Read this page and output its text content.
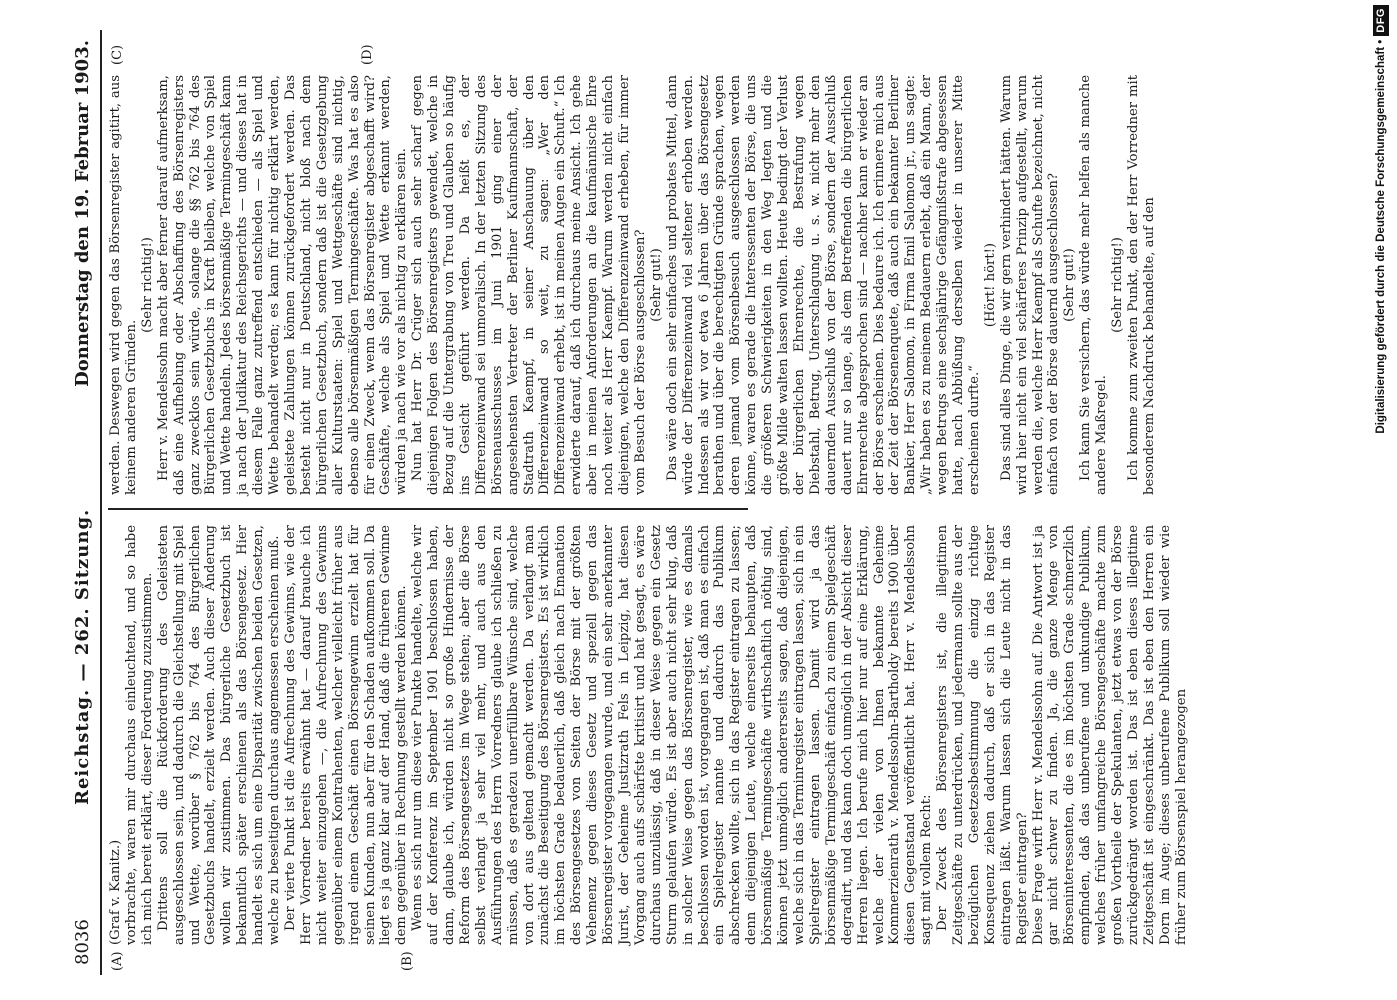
8036
Reichstag. — 262. Sitzung.
Donnerstag den 19. Februar 1903.
(A)	(B)
(C)	(D)

(Graf v. Kanitz.) vorbrachte, waren mir durchaus einleuchtend, und so habe ich mich bereit erklärt, dieser Forderung zuzustimmen. Drittens soll die Rückforderung des Geleisteten ausgeschlossen sein, und dadurch die Gleichstellung mit Spiel und Wette, worüber § 762 bis 764 des Bürgerlichen Gesetzbuchs handelt, erzielt werden. Auch dieser Änderung wollen wir zustimmen. Das bürgerliche Gesetzbuch ist bekanntlich später erschienen als das Börsengesetz. Hier handelt es sich um eine Disparität zwischen beiden Gesetzen, welche zu beseitigen durchaus angemessen erscheinen muß. Der vierte Punkt ist die Aufrechnung des Gewinns, wie der Herr Vorredner bereits erwähnt hat — darauf brauche ich nicht weiter einzugehen —, die Aufrechnung des Gewinns gegenüber einem Kontrahenten, welcher vielleicht früher aus irgend einem Geschäft einen Börsengewinn erzielt hat für seinen Kunden, nun aber für den Schaden aufkommen soll. Da liegt es ja ganz klar auf der Hand, daß die früheren Gewinne dem gegenüber in Rechnung gestellt werden können. Wenn es sich nur um diese vier Punkte handelte, welche wir auf der Konferenz im September 1901 beschlossen haben, dann, glaube ich, würden nicht so große Hindernisse der Reform des Börsengesetzes im Wege stehen; aber die Börse selbst verlangt ja sehr viel mehr, und auch aus den Ausführungen des Herrn Vorredners glaube ich schließen zu müssen, daß es geradezu unerfüllbare Wünsche sind, welche von dort aus geltend gemacht werden. Da verlangt man zunächst die Beseitigung des Börsenregisters. Es ist wirklich im höchsten Grade bedauerlich, daß gleich nach Emanation des Börsengesetzes von Seiten der Börse mit der größten Vehemenz gegen dieses Gesetz und speziell gegen das Börsenregister vorgegangen wurde, und ein sehr anerkannter Jurist, der Geheime Justizrath Fels in Leipzig, hat diesen Vorgang auch aufs schärfste kritisirt und hat gesagt, es wäre durchaus unzulässig, daß in dieser Weise gegen ein Gesetz Sturm gelaufen würde. Es ist aber auch nicht sehr klug, daß in solcher Weise gegen das Börsenregister, wie es damals beschlossen worden ist, vorgegangen ist, daß man es einfach ein Spielregister nannte und dadurch das Publikum abschrecken wollte, sich in das Register eintragen zu lassen; denn diejenigen Leute, welche einerseits behaupten, daß börsenmäßige Termingeschäfte wirthschaftlich nöthig sind, können jetzt unmöglich andererseits sagen, daß diejenigen, welche sich in das Terminregister eintragen lassen, sich in ein Spielregister eintragen lassen. Damit wird ja das börsenmäßige Termingeschäft einfach zu einem Spielgeschäft degradirt, und das kann doch unmöglich in der Absicht dieser Herren liegen. Ich berufe mich hier nur auf eine Erklärung, welche der vielen von Ihnen bekannte Geheime Kommerzienrath v. Mendelssohn-Bartholdy bereits 1900 über diesen Gegenstand veröffentlicht hat. Herr v. Mendelssohn sagt mit vollem Recht: Der Zweck des Börsenregisters ist, die illegitimen Zeitgeschäfte zu unterdrücken, und jedermann sollte aus der bezüglichen Gesetzesbestimmung die einzig richtige Konsequenz ziehen dadurch, daß er sich in das Register eintragen läßt. Warum lassen sich die Leute nicht in das Register eintragen? Diese Frage wirft Herr v. Mendelssohn auf. Die Antwort ist ja gar nicht schwer zu finden. Ja, die ganze Menge von Börseninteressenten, die es im höchsten Grade schmerzlich empfinden, daß das unberufene und unkundige Publikum, welches früher umfangreiche Börsengeschäfte machte zum großen Vortheile der Spekulanten, jetzt etwas von der Börse zurückgedrängt worden ist. Das ist eben dieses illegitime Zeitgeschäft ist eingeschränkt. Das ist eben den Herren ein Dorn im Auge; dieses unberufene Publikum soll wieder wie früher zum Börsenspiel herangezogen

werden. Deswegen wird gegen das Börsenregister agitirt, aus keinem anderen Gründen.

(Sehr richtig!) Herr v. Mendelssohn macht aber ferner darauf aufmerksam, daß eine Aufhebung oder Abschaffung des Börsenregisters ganz zwecklos sein würde, solange die §§ 762 bis 764 des Bürgerlichen Gesetzbuchs in Kraft bleiben, welche von Spiel und Wette handeln. Jedes börsenmäßige Termingeschäft kann ja nach der Judikatur des Reichsgerichts — und dieses hat in diesem Falle ganz zutreffend entschieden — als Spiel und Wette behandelt werden; es kann für nichtig erklärt werden, geleistete Zahlungen können zurückgefordert werden. Das besteht nicht nur in Deutschland, nicht bloß nach dem bürgerlichen Gesetzbuch, sondern daß ist die Gesetzgebung aller Kulturstaaten: Spiel und Wettgeschäfte sind nichtig, ebenso alle börsenmäßigen Termingeschäfte. Was hat es also für einen Zweck, wenn das Börsenregister abgeschafft wird? Geschäfte, welche als Spiel und Wette erkannt werden, würden ja nach wie vor als nichtig zu erklären sein. Nun hat Herr Dr. Crüger sich auch sehr scharf gegen diejenigen Folgen des Börsenregisters gewendet, welche in Bezug auf die Untergrabung von Treu und Glauben so häufig ins Gesicht geführt werden. Da heißt es, der Differenzeinwand sei unmoralisch. In der letzten Sitzung des Börsenausschusses im Juni 1901 ging einer der angesehensten Vertreter der Berliner Kaufmannschaft, der Stadtrath Kaempf, in seiner Anschauung über den Differenzeinwand so weit, zu sagen: „Wer den Differenzeinwand erhebt, ist in meinen Augen ein Schuft.“ Ich erwiderte darauf, daß ich durchaus meine Ansicht. Ich gehe aber in meinen Anforderungen an die kaufmännische Ehre noch weiter als Herr Kaempf. Warum werden nicht einfach diejenigen, welche den Differenzeinwand erheben, für immer vom Besuch der Börse ausgeschlossen? (Sehr gut!) Das wäre doch ein sehr einfaches und probates Mittel, dann würde der Differenzeinwand viel seltener erhoben werden. Indessen als wir vor etwa 6 Jahren über das Börsengesetz berathen und über die berechtigten Gründe sprachen, wegen deren jemand vom Börsenbesuch ausgeschlossen werden könne, waren es gerade die Interessenten der Börse, die uns die größeren Schwierigkeiten in den Weg legten und die größte Milde walten lassen wollten. Heute bedingt der Verlust der bürgerlichen Ehrenrechte, die Bestrafung wegen Diebstahl, Betrug, Unterschlagung u. s. w. nicht mehr den dauernden Ausschluß von der Börse, sondern der Ausschluß dauert nur so lange, als dem Betreffenden die bürgerlichen Ehrenrechte abgesprochen sind — nachher kann er wieder an der Börse erscheinen. Dies bedaure ich. Ich erinnere mich aus der Zeit der Börsenenquete, daß auch ein bekannter Berliner Bankier, Herr Salomon, in Firma Emil Salomon jr., uns sagte: „Wir haben es zu meinem Bedauern erlebt, daß ein Mann, der wegen Betrugs eine sechsjährige Gefängnißstrafe abgesessen hatte, nach Abbüßung derselben wieder in unserer Mitte erscheinen durfte.“

(Hört! hört!) Das sind alles Dinge, die wir gern verhindert hätten. Warum wird hier nicht ein viel schärferes Prinzip aufgestellt, warum werden die, welche Herr Kaempf als Schufte bezeichnet, nicht einfach von der Börse dauernd ausgeschlossen? (Sehr gut!) Ich kann Sie versichern, das würde mehr helfen als manche andere Maßregel.

(Sehr richtig!) Ich komme zum zweiten Punkt, den der Herr Vorredner mit besonderem Nachdruck behandelte, auf den	Digitalisierung gefördert durch die Deutsche Forschungsgemeinschaft •
DFG
